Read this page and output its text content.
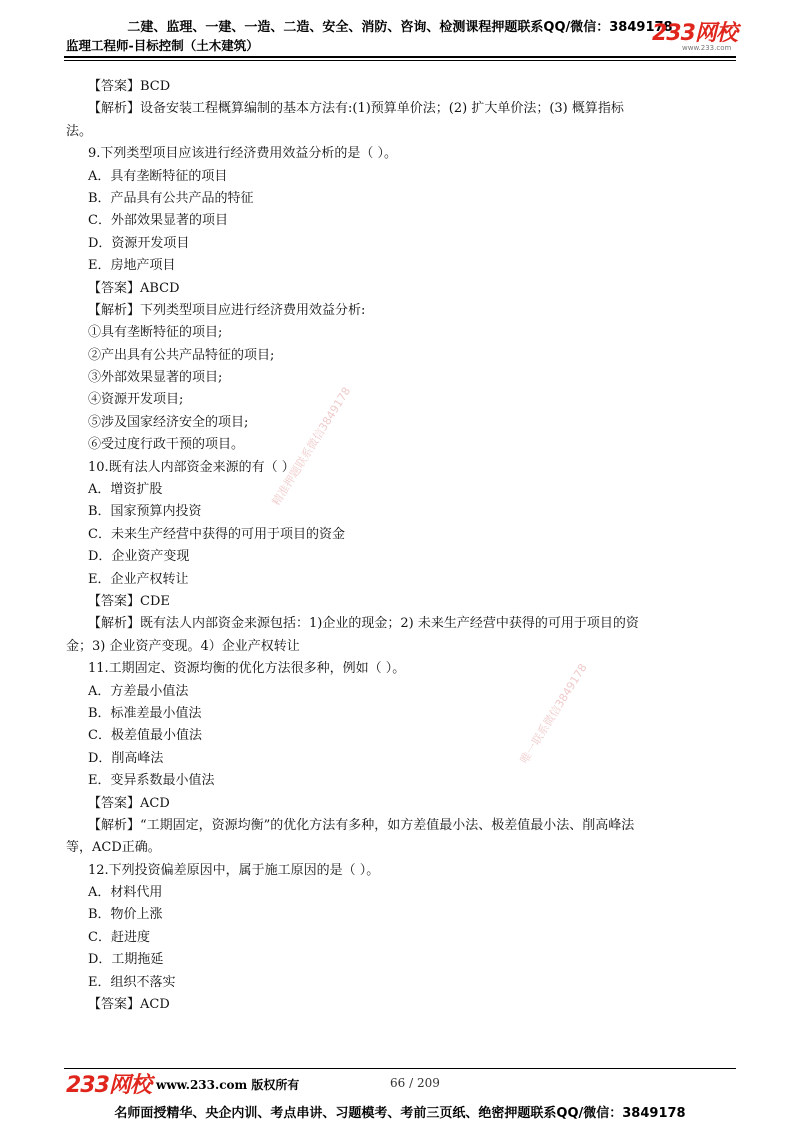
二建、监理、一建、一造、二造、安全、消防、咨询、检测课程押题联系QQ/微信：3849178
监理工程师-目标控制（土木建筑）	233网校
www.233.com
【答案】BCD
【解析】设备安装工程概算编制的基本方法有:(1)预算单价法；(2) 扩大单价法；(3) 概算指标
法。
9.下列类型项目应该进行经济费用效益分析的是（ ）。
A．具有垄断特征的项目
B．产品具有公共产品的特征
C．外部效果显著的项目
D．资源开发项目
E．房地产项目
【答案】ABCD
【解析】下列类型项目应进行经济费用效益分析:
①具有垄断特征的项目;
②产出具有公共产品特征的项目;
③外部效果显著的项目;
④资源开发项目;
⑤涉及国家经济安全的项目;
⑥受过度行政干预的项目。
10.既有法人内部资金来源的有（ ）
A．增资扩股
B．国家预算内投资
C．未来生产经营中获得的可用于项目的资金
D．企业资产变现
E．企业产权转让
【答案】CDE
【解析】既有法人内部资金来源包括：1)企业的现金；2) 未来生产经营中获得的可用于项目的资
金；3) 企业资产变现。4）企业产权转让
11.工期固定、资源均衡的优化方法很多种，例如（ ）。
A．方差最小值法
B．标准差最小值法
C．极差值最小值法
D．削高峰法
E．变异系数最小值法
【答案】ACD
【解析】“工期固定，资源均衡”的优化方法有多种，如方差值最小法、极差值最小法、削高峰法
等，ACD正确。
12.下列投资偏差原因中，属于施工原因的是（ ）。
A．材料代用
B．物价上涨
C．赶进度
D．工期拖延
E．组织不落实
【答案】ACD
精准押题联系微信3849178
唯一联系微信3849178
233网校 www.233.com 版权所有	66 / 209
名师面授精华、央企内训、考点串讲、习题模考、考前三页纸、绝密押题联系QQ/微信：3849178
